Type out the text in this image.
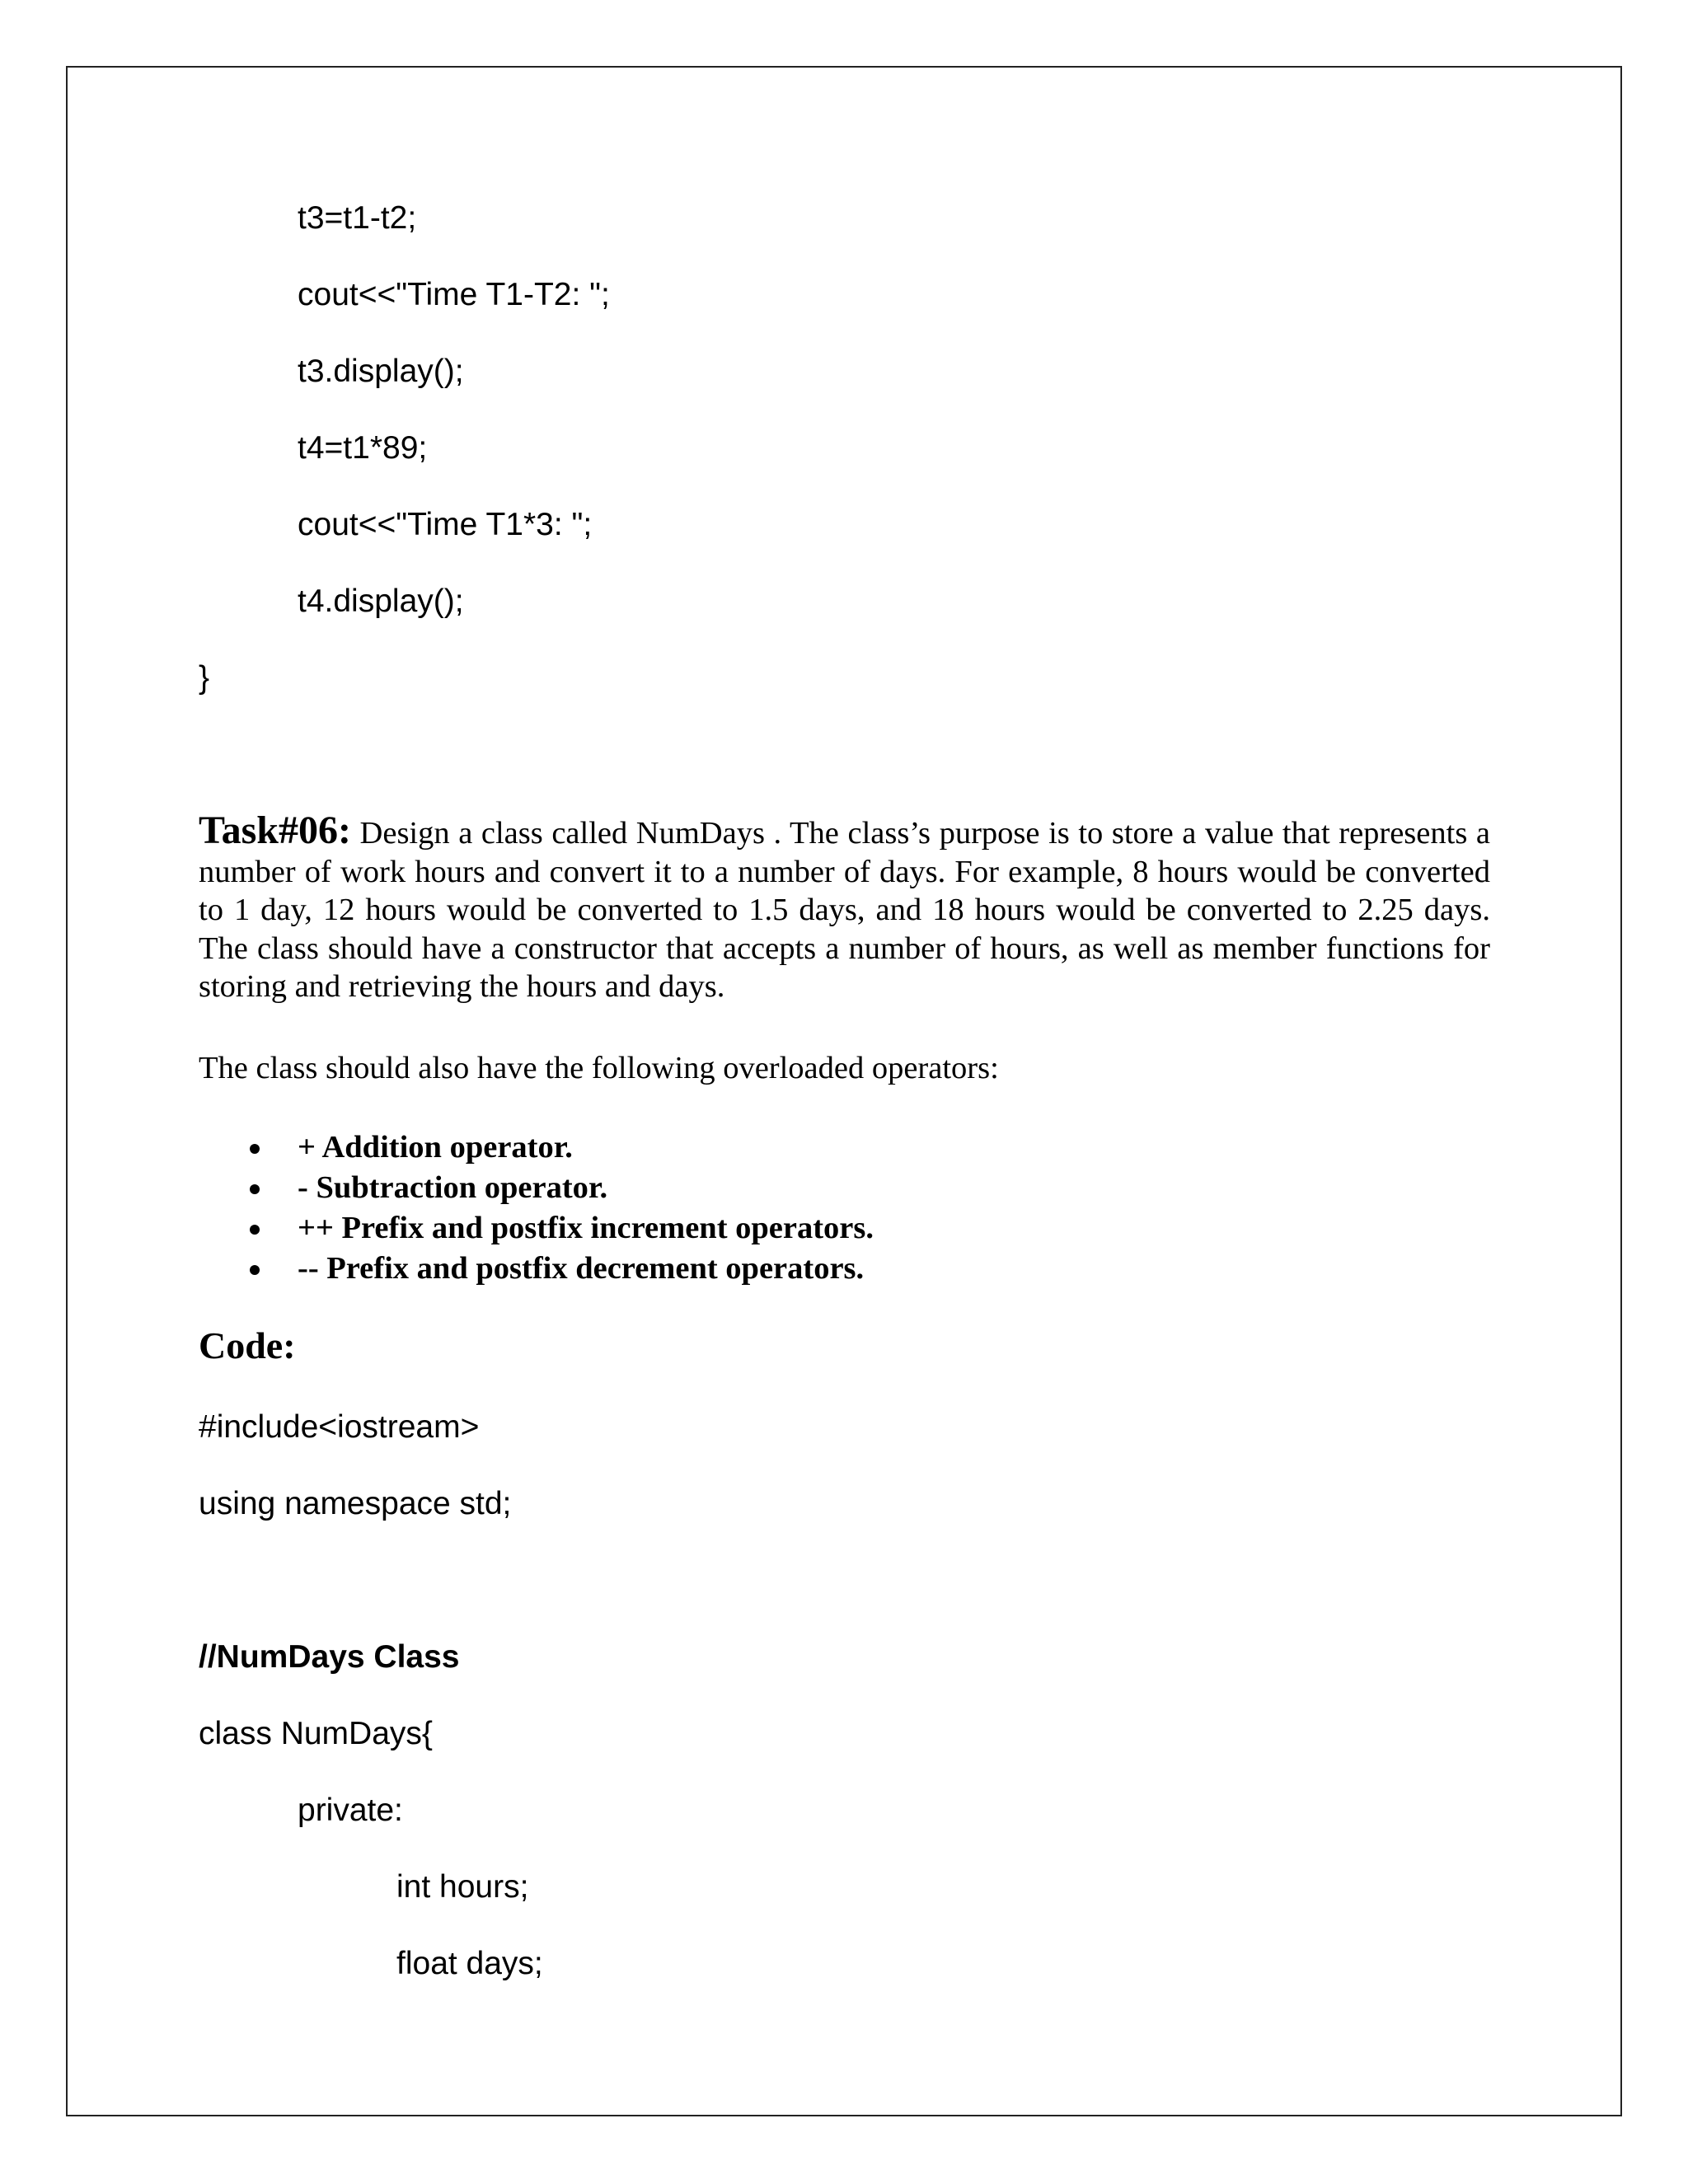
t3=t1-t2;
cout<<"Time T1-T2: ";
t3.display();
t4=t1*89;
cout<<"Time T1*3: ";
t4.display();
}
Task#06: Design a class called NumDays . The class’s purpose is to store a value that represents a number of work hours and convert it to a number of days. For example, 8 hours would be converted to 1 day, 12 hours would be converted to 1.5 days, and 18 hours would be converted to 2.25 days. The class should have a constructor that accepts a number of hours, as well as member functions for storing and retrieving the hours and days.
The class should also have the following overloaded operators:
+ Addition operator.
- Subtraction operator.
++ Prefix and postfix increment operators.
-- Prefix and postfix decrement operators.
Code:
#include<iostream>
using namespace std;
//NumDays Class
class NumDays{
private:
int hours;
float days;
